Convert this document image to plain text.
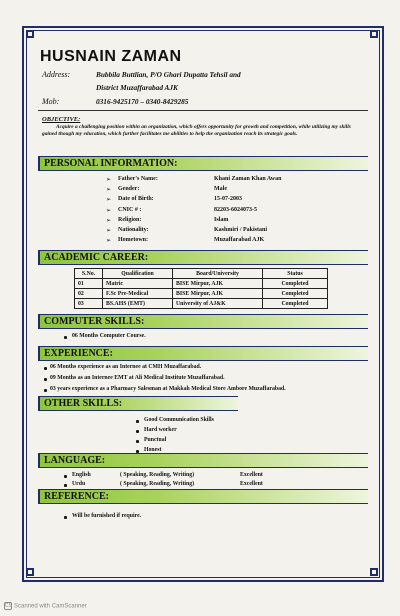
HUSNAIN ZAMAN
Address:	Bubbila Buttlian, P/O Ghari Dupatta Tehsil and
District Muzaffarabad AJK
Mob:	0316-9425170 – 0340-8429285
OBJECTIVE:
Acquire a challenging position within an organization, which offers opportunity for growth and competition, while utilizing my skills gained though my education, which further facilitates me abilities to help the organization reach its strategic goals.
PERSONAL INFORMATION:
➢ Father's Name:	Khani Zaman Khan Awan
➢ Gender:	Male
➢ Date of Birth:	15-07-2003
➢ CNIC # :	82203-6024073-5
➢ Religion:	Islam
➢ Nationality:	Kashmiri / Pakistani
➢ Hometown:	Muzaffarabad AJK
ACADEMIC CAREER:
S.No.	Qualification	Board/University	Status
01	Matric	BISE Mirpur, AJK	Completed
02	F.Sc Pre-Medical	BISE Mirpur, AJK	Completed
03	BS.AHS (EMT)	University of AJ&K	Completed
COMPUTER SKILLS:
06 Months Computer Course.
EXPERIENCE:
06 Months experience as an Internee at CMH Muzaffarabad.
09 Months as an Internee EMT at Ali Medical Institute Muzaffarabad.
03 years experience as a Pharmacy Salesman at Makkah Medical Store Ambore Muzaffarabad.
OTHER SKILLS:
Good Communication Skills
Hard worker
Punctual
Honest
LANGUAGE:
English	( Speaking, Reading, Writing)	Excellent
Urdu	( Speaking, Reading, Writing)	Excellent
REFERENCE:
Will be furnished if require.
CS Scanned with CamScanner
